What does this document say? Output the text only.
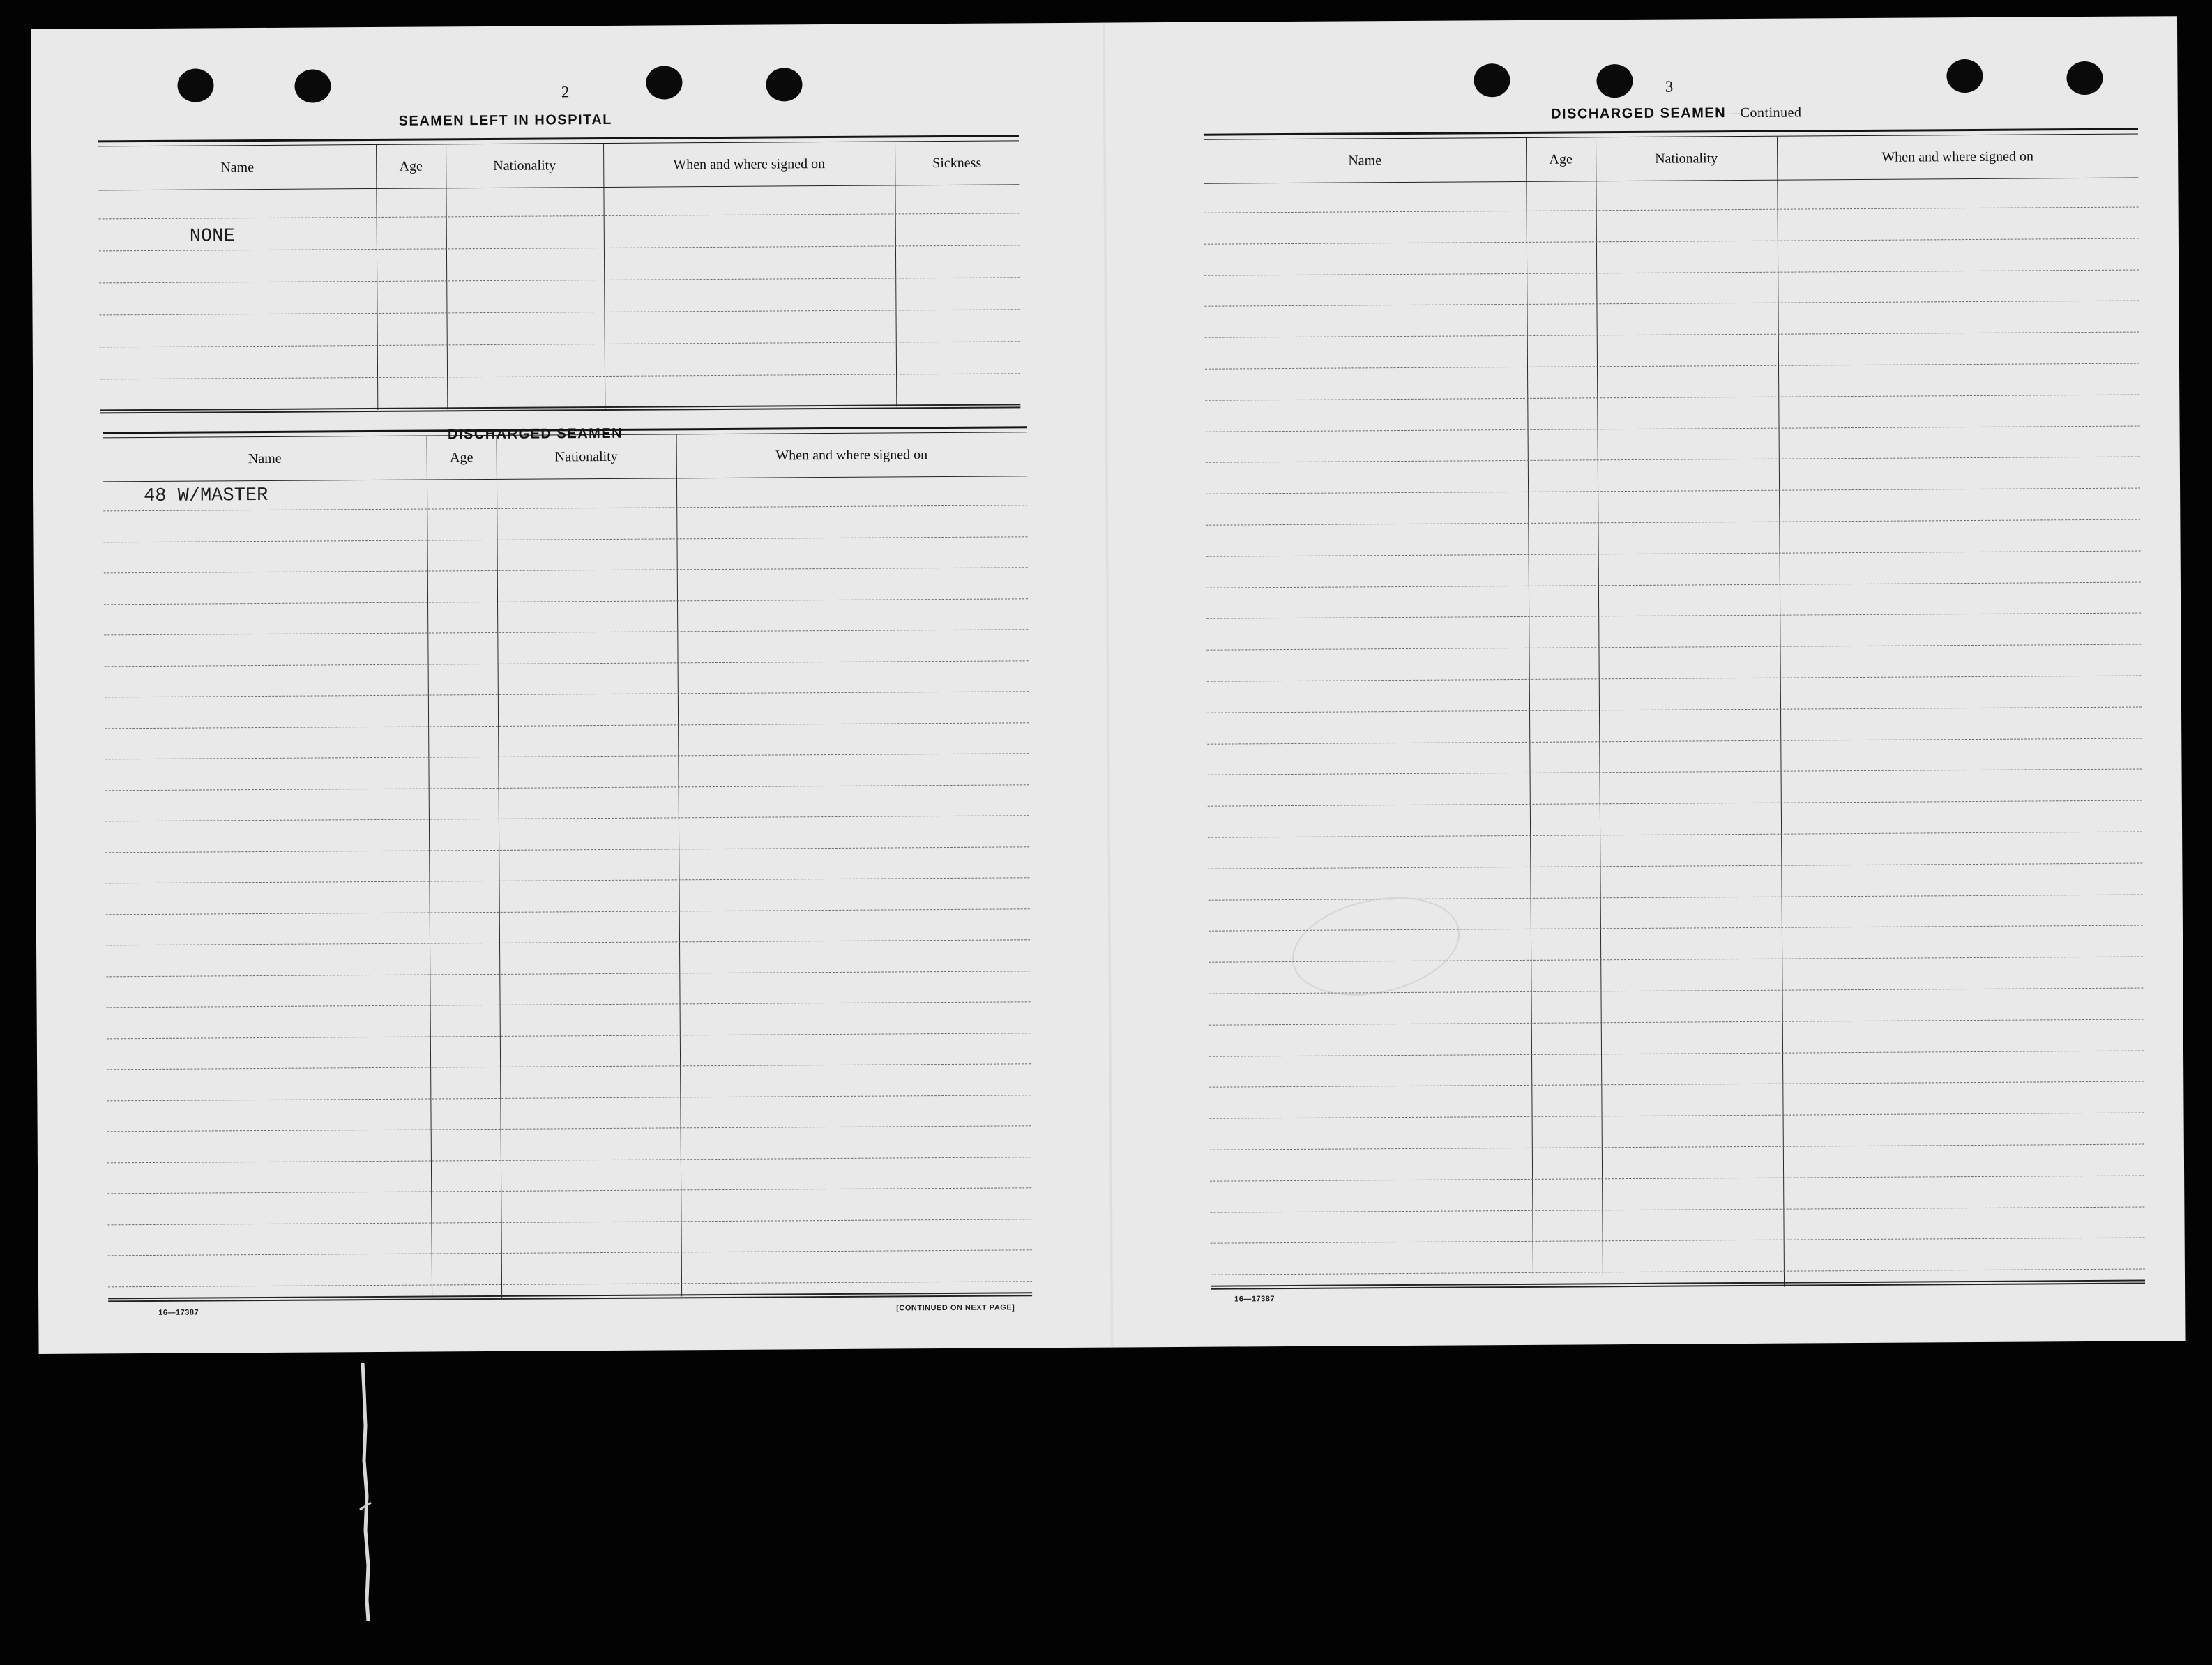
2
SEAMEN LEFT IN HOSPITAL
Name	Age	Nationality	When and where signed on	Sickness
NONE
DISCHARGED SEAMEN
Name	Age	Nationality	When and where signed on
48 W/MASTER
16—17387
[CONTINUED ON NEXT PAGE]
3
DISCHARGED SEAMEN—Continued
Name	Age	Nationality	When and where signed on
16—17387
